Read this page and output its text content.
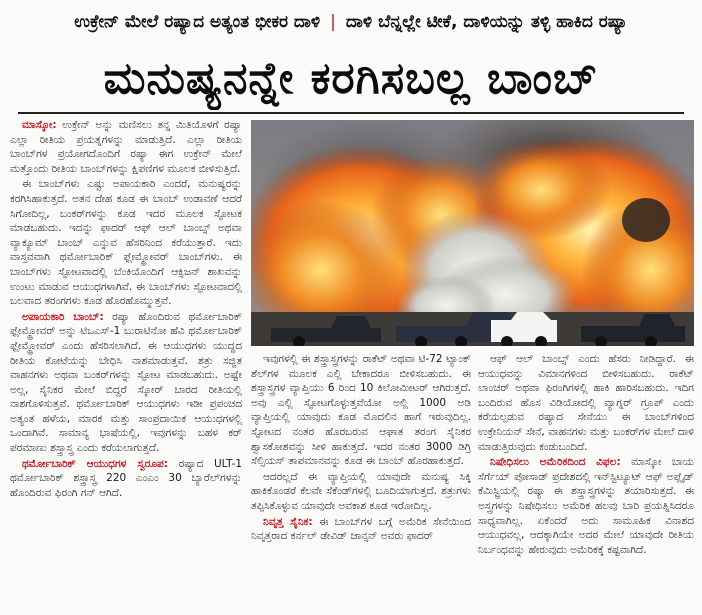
ಉಕ್ರೇನ್ ಮೇಲೆ ರಷ್ಯಾದ ಅತ್ಯಂತ ಭೀಕರ ದಾಳಿ | ದಾಳಿ ಬೆನ್ನಲ್ಲೇ ಟೀಕೆ, ದಾಳಿಯನ್ನು ತಳ್ಳಿ ಹಾಕಿದ ರಷ್ಯಾ
ಮನುಷ್ಯನನ್ನೇ ಕರಗಿಸಬಲ್ಲ ಬಾಂಬ್

ಮಾಸ್ಕೋ: ಉಕ್ರೇನ್ ಅನ್ನು ಮಣಿಸಲು ತನ್ನ ಮಿತಿಯೊಳಗೆ ರಷ್ಯಾ ಎಲ್ಲಾ ರೀತಿಯ ಪ್ರಯತ್ನಗಳನ್ನು ಮಾಡುತ್ತಿದೆ. ಎಲ್ಲಾ ರೀತಿಯ ಬಾಂಬ್‌ಗಳ ಪ್ರಯೋಗದೊಂದಿಗೆ ರಷ್ಯಾ ಈಗ ಉಕ್ರೇನ್ ಮೇಲೆ ಮತ್ತೊಂದು ರೀತಿಯ ಬಾಂಬ್‌ಗಳನ್ನು ಕ್ಷಿಪಣಿಗಳ ಮೂಲಕ ಬೀಳಿಸುತ್ತಿದೆ.

ಈ ಬಾಂಬ್‌ಗಳು ಎಷ್ಟು ಅಪಾಯಕಾರಿ ಎಂದರೆ, ಮನುಷ್ಯರನ್ನು ಕರಗಿಸಿಹಾಕುತ್ತದೆ. ಅತನ ದೇಹ ಕೂಡ ಈ ಬಾಂಬ್ ಉಡಾವಣೆ ಆದರೆ ಸಿಗೋದಿಲ್ಲ, ಬಂಕರ್‌ಗಳನ್ನು ಕೂಡ ಇದರ ಮೂಲಕ ಸ್ಫೋಟಕ ಮಾಡಬಹುದು. ಇದನ್ನು ಫಾದರ್ ಆಫ್ ಆಲ್ ಬಾಂಬ್ಸ್ ಅಥವಾ ವ್ಯಾಕ್ಯೂಮ್ ಬಾಂಬ್ ಎನ್ನುವ ಹೆಸರಿನಿಂದ ಕರೆಯುತ್ತಾರೆ. ಇದು ವಾಸ್ತವವಾಗಿ ಥರ್ಮೋಬಾರಿಕ್ ಫ್ಲೇಮ್ಥ್ರೋವರ್ ಬಾಂಬ್‌ಗಳು. ಈ ಬಾಂಬ್‌ಗಳು ಸ್ಫೋಟವಾದಲ್ಲಿ ಬೆಂಕಿಯೊಂದಿಗೆ ಆಕ್ಸಿಜನ್ ಶಾಖವನ್ನು ಉಂಟು ಮಾಡುವ ಆಯುಧಗಳಾಗಿವೆ. ಈ ಬಾಂಬ್‌ಗಳು ಸ್ಫೋಟವಾದಲ್ಲಿ ಬಲವಾದ ತರಂಗಗಳು ಕೂಡ ಹೊರಹೊಮ್ಮುತ್ತವೆ.

ಅಪಾಯಕಾರಿ ಬಾಂಬ್: ರಷ್ಯಾ ಹೊಂದಿರುವ ಥರ್ಮೋಬಾರಿಕ್ ಫ್ಲೇಮ್ಥ್ರೋವರ್ ಅನ್ನು ಟಿಒಎಸ್-1 ಬುರಾಟಿನೋ ಹೆವಿ ಥರ್ಮೋಬಾರಿಕ್ ಫ್ಲೇಮ್ಥ್ರೋವರ್ ಎಂದು ಹೆಸರಿಸಲಾಗಿದೆ. ಈ ಆಯುಧಗಳು ಯುದ್ಧದ ರೀತಿಯ ಕೋಟೆಯನ್ನು ಬೇಧಿಸಿ ನಾಶಮಾಡುತ್ತವೆ. ಶತ್ರು ಸಜ್ಜಿತ ವಾಹನಗಳು ಅಥವಾ ಬಂಕರ್‌ಗಳನ್ನು ಸ್ಫೋಟ ಮಾಡಬಹುದು. ಅಷ್ಟೇ ಅಲ್ಲ, ಸೈನಿಕರ ಮೇಲೆ ಬಿದ್ದರೆ ಸ್ಕೋರ್ ಬಾರದ ರೀತಿಯಲ್ಲಿ ನಾಶಗೊಳಿಸುತ್ತವೆ. ಥರ್ಮೋಬಾರಿಕ್ ಆಯುಧಗಳು ಇಡೀ ಪ್ರಪಂಚದ ಅತ್ಯಂತ ಹಳೆಯ, ಮಾರಕ ಮತ್ತು ಸಾಂಪ್ರದಾಯಿಕ ಆಯುಧಗಳಲ್ಲಿ ಒಂದಾಗಿವೆ. ಸಾಮಾನ್ಯ ಭಾಷೆಯಲ್ಲಿ, ಇವುಗಳನ್ನು ಬಹಳ ಕರ್ ಪರಮಾಣು ಶಸ್ತ್ರಾಸ್ತ್ರ ಎಂದು ಕರೆಯಲಾಗುತ್ತದೆ.

ಥರ್ಮೋಬಾರಿಕ್ ಆಯುಧಗಳ ಸ್ವರೂಪ: ರಷ್ಯಾದ ULT-1 ಥರ್ಮೋಬಾರಿಕ್ ಶಸ್ತ್ರಾಸ್ತ್ರ 220 ಎಂಎಂ 30 ಬ್ಯಾರೆಲ್‌ಗಳನ್ನು ಹೊಂದಿರುವ ಫಿರಂಗಿ ಗನ್ ಆಗಿದೆ.

ಇವುಗಳಲ್ಲಿ ಈ ಶಸ್ತ್ರಾಸ್ತ್ರಗಳನ್ನು ರಾಕೆಟ್ ಅಥವಾ ಟಿ-72 ಟ್ಯಾಂಕ್ ಶೆಲ್‌ಗಳ ಮೂಲಕ ಎಲ್ಲಿ ಬೇಕಾದರೂ ಬೀಳಿಸಬಹುದು. ಈ ಶಸ್ತ್ರಾಸ್ತ್ರಗಳ ವ್ಯಾಪ್ತಿಯು 6 ರಿಂದ 10 ಕಿಲೋಮೀಟರ್ ಆಗಿರುತ್ತದೆ. ಅವು ಎಲ್ಲಿ ಸ್ಫೋಟಗೊಳ್ಳುತ್ತವೆಯೋ ಅಲ್ಲಿ 1000 ಅಡಿ ವ್ಯಾಪ್ತಿಯಲ್ಲಿ ಯಾವುದು ಕೂಡ ಮೊದಲಿನ ಹಾಗೆ ಇರುವುದಿಲ್ಲ. ಸ್ಫೋಟದ ನಂತರ ಹೊರಬರುವ ಆಘಾತ ತರಂಗ ಸೈನಿಕರ ಶ್ವಾಸಕೋಶವನ್ನು ಸೀಳಿ ಹಾಕುತ್ತದೆ. ಇದರ ನಂತರ 3000 ಡಿಗ್ರಿ ಸೆಲ್ಸಿಯಸ್ ತಾಪಮಾನವನ್ನು ಕೂಡ ಈ ಬಾಂಬ್ ಹೊರಹಾಕುತ್ತದೆ.

ಆದರಲ್ಲದೆ ಈ ವ್ಯಾಪ್ತಿಯಲ್ಲಿ ಯಾವುದೇ ಮನುಷ್ಯ ಸಿಕ್ಕಿ ಹಾಕಿಕೊಂಡರೆ ಕೆಲವೇ ಸೆಕೆಂಡ್‌ಗಳಲ್ಲಿ ಬೂದಿಯಾಗುತ್ತದೆ. ಶತ್ರುಗಳು ತಪ್ಪಿಸಿಕೊಳ್ಳುವ ಯಾವುದೇ ಅವಕಾಶ ಕೂಡ ಇರೋದಿಲ್ಲ.

ನಿವೃತ್ತ ಸೈನಿಕ: ಈ ಬಾಂಬ್‌ಗಳ ಬಗ್ಗೆ ಅಮೆರಿಕ ಸೇನೆಯಿಂದ ನಿವೃತ್ತರಾದ ಕರ್ನಲ್ ಡೇವಿಡ್ ಜಾನ್ಸನ್ ಅವರು ಫಾದರ್

ಆಫ್ ಆಲ್ ಬಾಂಬ್ಸ್ ಎಂದು ಹೆಸರು ನೀಡಿದ್ದಾರೆ. ಈ ಆಯುಧವನ್ನು ವಿಮಾನಗಳಿಂದ ಬೀಳಿಸಬಹುದು. ರಾಕೆಟ್ ಲಾಂಚರ್ ಅಥವಾ ಫಿರಂಗಿಗಳಲ್ಲಿ ಹಾಕಿ ಹಾರಿಸಬಹುದು. ಇದಿಗ ಬಂದಿರುವ ಹೊಸ ವಿಡಿಯೋದಲ್ಲಿ ವ್ಯಾಗ್ನರ್ ಗ್ರೂಪ್ ಎಂದು ಕರೆಯಲ್ಪಡುವ ರಷ್ಯಾದ ಸೇನೆಯು ಈ ಬಾಂಬ್‌ಗಳಿಂದ ಉಕ್ರೇನಿಯನ್ ಸೇನೆ, ವಾಹನಗಳು ಮತ್ತು ಬಂಕರ್‌ಗಳ ಮೇಲೆ ದಾಳಿ ಮಾಡುತ್ತಿರುವುದು ಕಂಡುಬಂದಿದೆ.

ನಿಷೇಧಿಸಲು ಅಮೆರಿಕದಿಂದ ವಿಫಲ: ಮಾಸ್ಕೋ ಬಾಯ ಸೆರ್ಗೆಯ್ ಪೋಸಾಡ್ ಪ್ರದೇಶದಲ್ಲಿ ಇನ್‌ಸ್ಟಿಟ್ಯೂಟ್ ಆಫ್ ಅಪ್ಲೈಡ್ ಕೆಮಿಸ್ಟ್ರಿಯಲ್ಲಿ ರಷ್ಯಾ ಈ ಶಸ್ತ್ರಾಸ್ತ್ರಗಳನ್ನು ತಯಾರಿಸುತ್ತದೆ. ಈ ಅಸ್ತ್ರಗಳನ್ನು ನಿಷೇಧಿಸಲು ಅಮೆರಿಕ ಹಲವು ಬಾರಿ ಪ್ರಯತ್ನಿಸಿದರೂ ಸಾಧ್ಯವಾಗಿಲ್ಲ. ಏಕೆಂದರೆ ಅದು ಸಾಮೂಹಿಕ ವಿನಾಶದ ಆಯುಧವಲ್ಲ, ಆದಕ್ಕಾಗಿಯೇ ಅದರ ಮೇಲೆ ಯಾವುದೇ ರೀತಿಯ ನಿರ್ಬಂಧವನ್ನು ಹೇರುವುದು ಅಮೆರಿಕಕ್ಕೆ ಕಷ್ಟವಾಗಿದೆ.
